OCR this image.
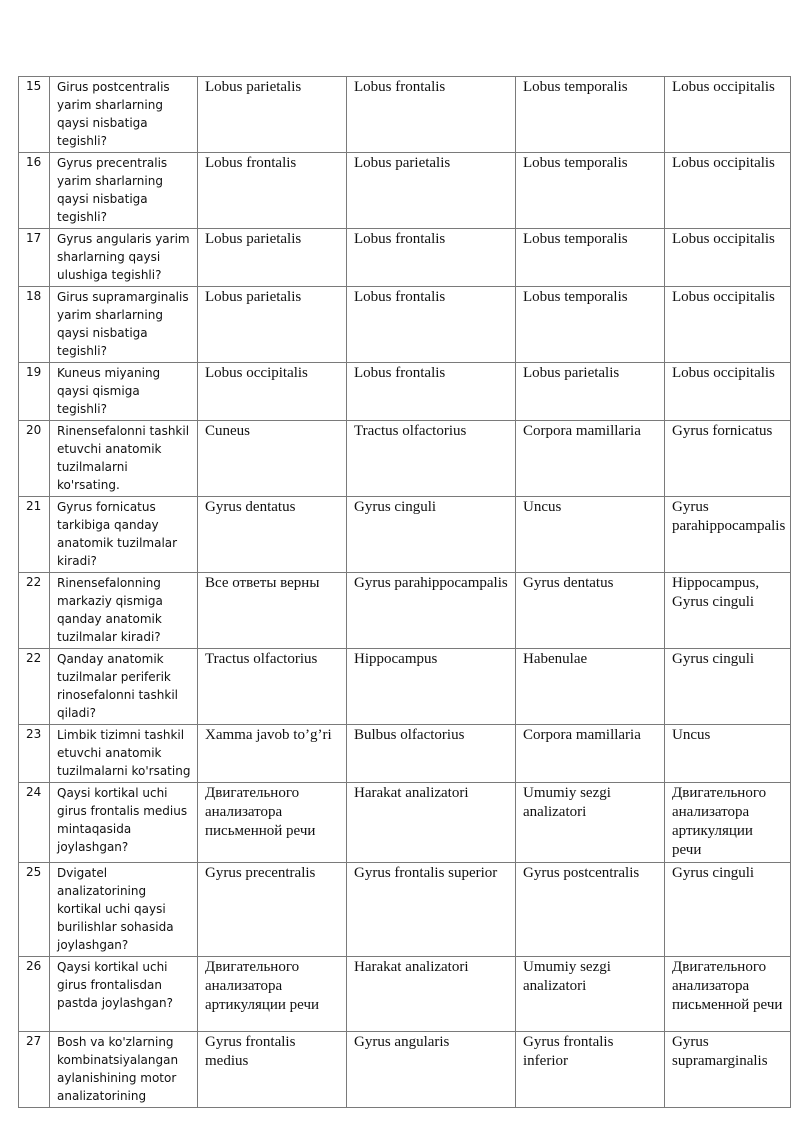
15	Girus postcentralis yarim sharlarning qaysi nisbatiga tegishli?	Lobus parietalis	Lobus frontalis	Lobus temporalis	Lobus occipitalis
16	Gyrus precentralis yarim sharlarning qaysi nisbatiga tegishli?	Lobus frontalis	Lobus parietalis	Lobus temporalis	Lobus occipitalis
17	Gyrus angularis yarim sharlarning qaysi ulushiga tegishli?	Lobus parietalis	Lobus frontalis	Lobus temporalis	Lobus occipitalis
18	Girus supramarginalis yarim sharlarning qaysi nisbatiga tegishli?	Lobus parietalis	Lobus frontalis	Lobus temporalis	Lobus occipitalis
19	Kuneus miyaning qaysi qismiga tegishli?	Lobus occipitalis	Lobus frontalis	Lobus parietalis	Lobus occipitalis
20	Rinensefalonni tashkil etuvchi anatomik tuzilmalarni ko'rsating.	Cuneus	Tractus olfactorius	Corpora mamillaria	Gyrus fornicatus
21	Gyrus fornicatus tarkibiga qanday anatomik tuzilmalar kiradi?	Gyrus dentatus	Gyrus cinguli	Uncus	Gyrus parahippocampalis
22	Rinensefalonning markaziy qismiga qanday anatomik tuzilmalar kiradi?	Все ответы верны	Gyrus parahippocampalis	Gyrus dentatus	Hippocampus, Gyrus cinguli
22	Qanday anatomik tuzilmalar periferik rinosefalonni tashkil qiladi?	Tractus olfactorius	Hippocampus	Habenulae	Gyrus cinguli
23	Limbik tizimni tashkil etuvchi anatomik tuzilmalarni ko'rsating	Xamma javob to’g’ri	Bulbus olfactorius	Corpora mamillaria	Uncus
24	Qaysi kortikal uchi girus frontalis medius mintaqasida joylashgan?	Двигательного анализатора письменной речи	Harakat analizatori	Umumiy sezgi analizatori	Двигательного анализатора артикуляции речи
25	Dvigatel analizatorining kortikal uchi qaysi burilishlar sohasida joylashgan?	Gyrus precentralis	Gyrus frontalis superior	Gyrus postcentralis	Gyrus cinguli
26	Qaysi kortikal uchi girus frontalisdan pastda joylashgan?	Двигательного анализатора артикуляции речи	Harakat analizatori	Umumiy sezgi analizatori	Двигательного анализатора письменной речи
27	Bosh va ko'zlarning kombinatsiyalangan aylanishining motor analizatorining	Gyrus frontalis medius	Gyrus angularis	Gyrus frontalis inferior	Gyrus supramarginalis
